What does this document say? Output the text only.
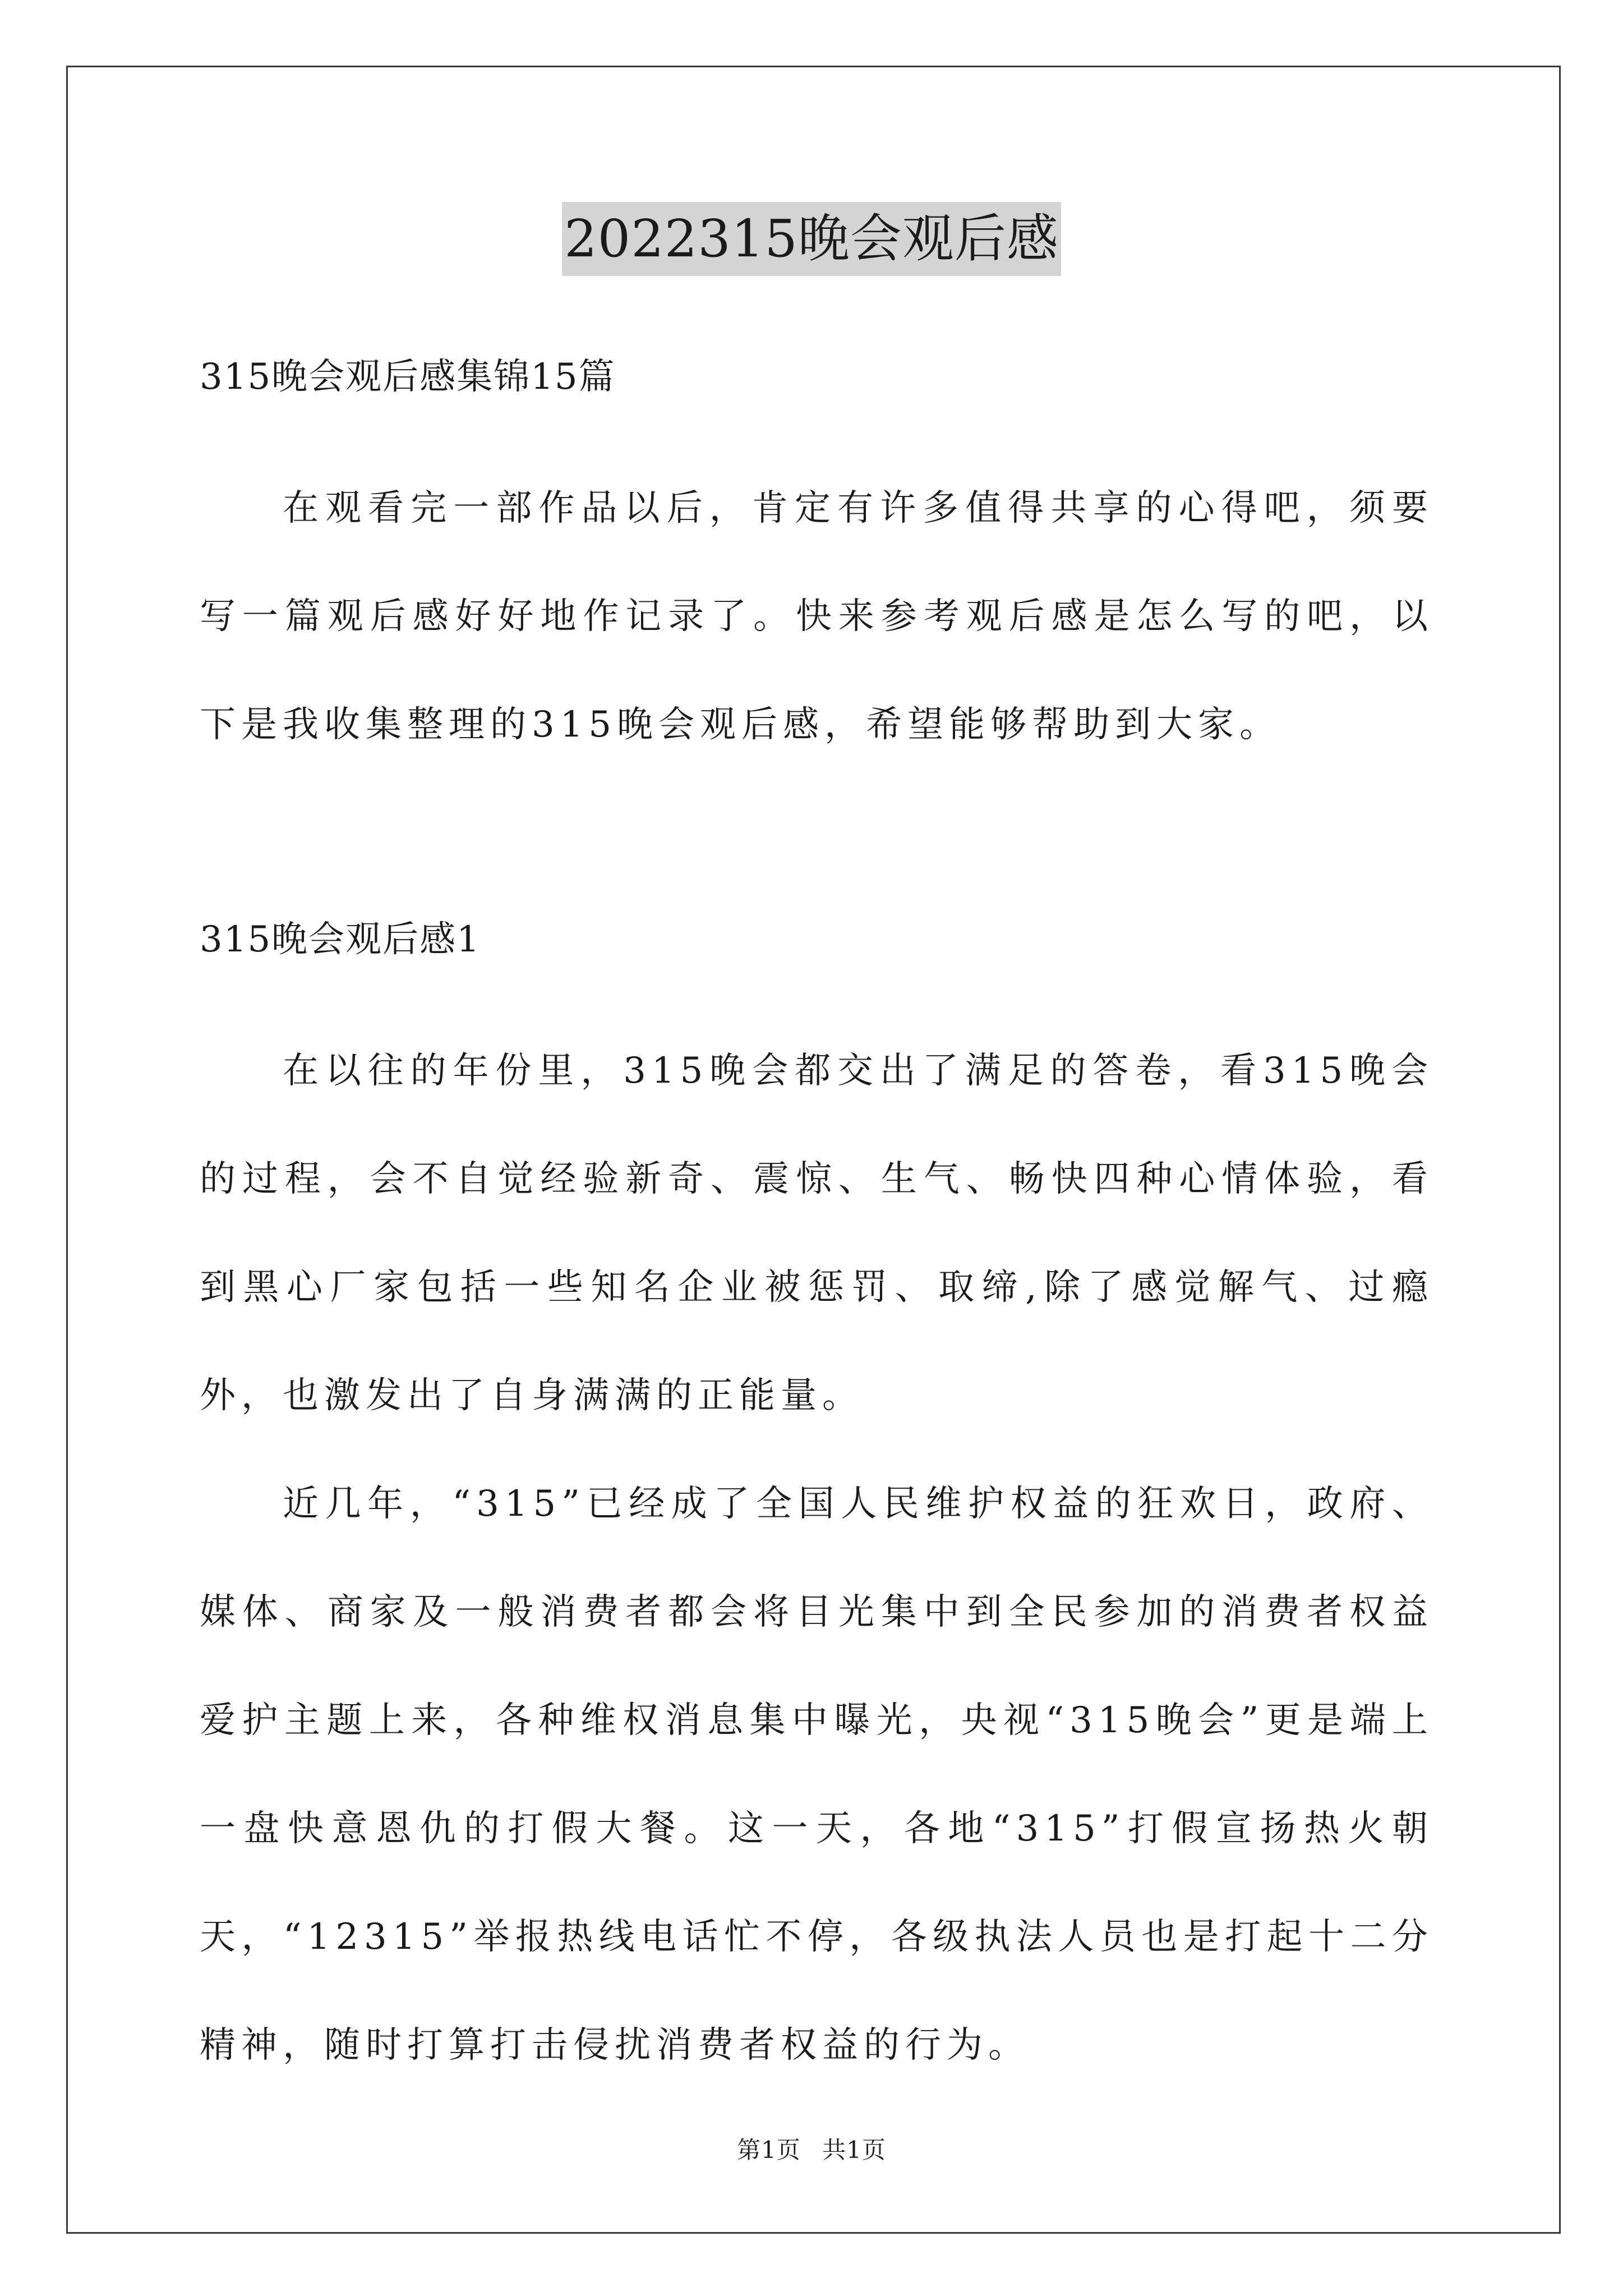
2022315晚会观后感

315晚会观后感集锦15篇

在观看完一部作品以后，肯定有许多值得共享的心得吧，须要写一篇观后感好好地作记录了。快来参考观后感是怎么写的吧，以下是我收集整理的315晚会观后感，希望能够帮助到大家。

315晚会观后感1

在以往的年份里，315晚会都交出了满足的答卷，看315晚会的过程，会不自觉经验新奇、震惊、生气、畅快四种心情体验，看到黑心厂家包括一些知名企业被惩罚、取缔,除了感觉解气、过瘾外，也激发出了自身满满的正能量。

近几年，“315”已经成了全国人民维护权益的狂欢日，政府、媒体、商家及一般消费者都会将目光集中到全民参加的消费者权益爱护主题上来，各种维权消息集中曝光，央视“315晚会”更是端上一盘快意恩仇的打假大餐。这一天，各地“315”打假宣扬热火朝天，“12315”举报热线电话忙不停，各级执法人员也是打起十二分精神，随时打算打击侵扰消费者权益的行为。

第1页 共1页
